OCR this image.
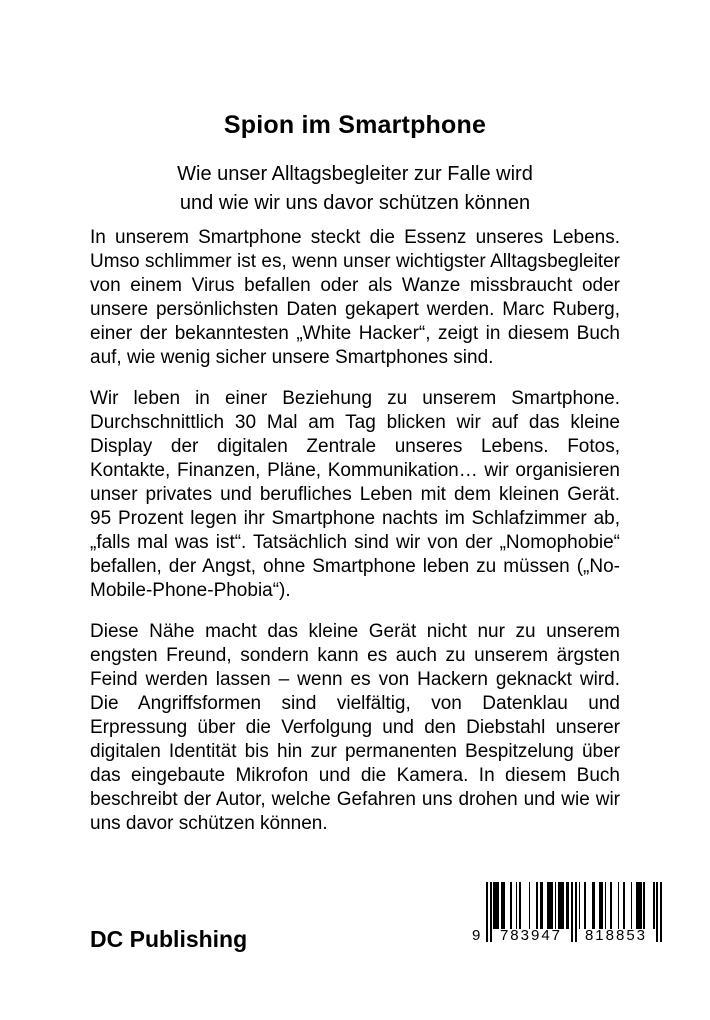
Spion im Smartphone
Wie unser Alltagsbegleiter zur Falle wird
und wie wir uns davor schützen können

In unserem Smartphone steckt die Essenz unseres Lebens. Umso schlimmer ist es, wenn unser wichtigster Alltagsbegleiter von einem Virus befallen oder als Wanze missbraucht oder unsere persönlichsten Daten gekapert werden. Marc Ruberg, einer der bekanntesten „White Hacker“, zeigt in diesem Buch auf, wie wenig sicher unsere Smartphones sind.

Wir leben in einer Beziehung zu unserem Smartphone. Durchschnittlich 30 Mal am Tag blicken wir auf das kleine Display der digitalen Zentrale unseres Lebens. Fotos, Kontakte, Finanzen, Pläne, Kommunikation… wir organisieren unser privates und berufliches Leben mit dem kleinen Gerät. 95 Prozent legen ihr Smartphone nachts im Schlafzimmer ab, „falls mal was ist“. Tatsächlich sind wir von der „Nomophobie“ befallen, der Angst, ohne Smartphone leben zu müssen („No-Mobile-Phone-Phobia“).

Diese Nähe macht das kleine Gerät nicht nur zu unserem engsten Freund, sondern kann es auch zu unserem ärgsten Feind werden lassen – wenn es von Hackern geknackt wird. Die Angriffsformen sind vielfältig, von Datenklau und Erpressung über die Verfolgung und den Diebstahl unserer digitalen Identität bis hin zur permanenten Bespitzelung über das eingebaute Mikrofon und die Kamera. In diesem Buch beschreibt der Autor, welche Gefahren uns drohen und wie wir uns davor schützen können.

DC Publishing	9	783947	818853
